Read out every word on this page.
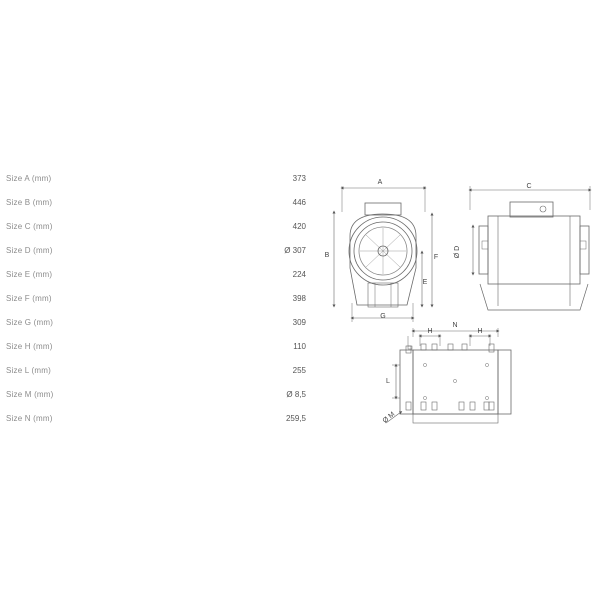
Size A (mm)	373
Size B (mm)	446
Size C (mm)	420
Size D (mm)	Ø 307
Size E (mm)	224
Size F (mm)	398
Size G (mm)	309
Size H (mm)	110
Size L (mm)	255
Size M (mm)	Ø 8,5
Size N (mm)	259,5
A
B	F
E
G
C
Ø D
N
H	H
L
Ø M
